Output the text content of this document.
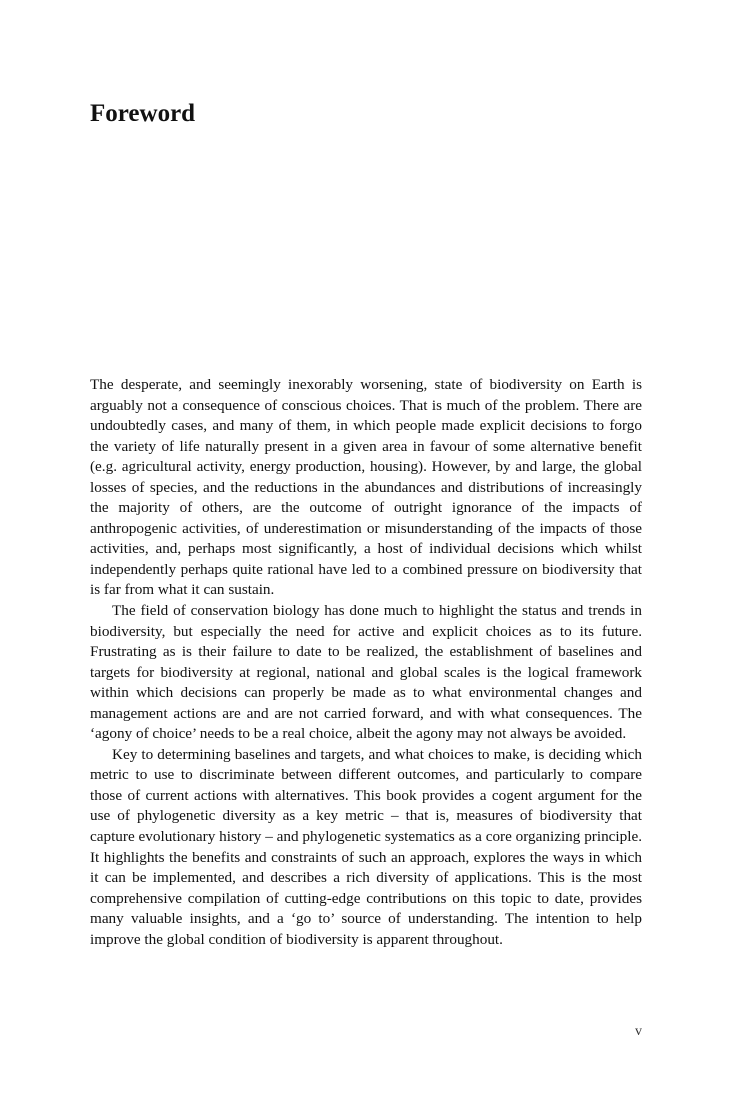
Foreword

The desperate, and seemingly inexorably worsening, state of biodiversity on Earth is arguably not a consequence of conscious choices. That is much of the problem. There are undoubtedly cases, and many of them, in which people made explicit decisions to forgo the variety of life naturally present in a given area in favour of some alternative benefit (e.g. agricultural activity, energy production, housing). However, by and large, the global losses of species, and the reductions in the abundances and distributions of increasingly the majority of others, are the outcome of outright ignorance of the impacts of anthropogenic activities, of underestimation or misunderstanding of the impacts of those activities, and, perhaps most significantly, a host of individual decisions which whilst independently perhaps quite rational have led to a combined pressure on biodiversity that is far from what it can sustain.

The field of conservation biology has done much to highlight the status and trends in biodiversity, but especially the need for active and explicit choices as to its future. Frustrating as is their failure to date to be realized, the establishment of baselines and targets for biodiversity at regional, national and global scales is the logical framework within which decisions can properly be made as to what environmental changes and management actions are and are not carried forward, and with what consequences. The ‘agony of choice’ needs to be a real choice, albeit the agony may not always be avoided.

Key to determining baselines and targets, and what choices to make, is deciding which metric to use to discriminate between different outcomes, and particularly to compare those of current actions with alternatives. This book provides a cogent argument for the use of phylogenetic diversity as a key metric – that is, measures of biodiversity that capture evolutionary history – and phylogenetic systematics as a core organizing principle. It highlights the benefits and constraints of such an approach, explores the ways in which it can be implemented, and describes a rich diversity of applications. This is the most comprehensive compilation of cutting-edge contributions on this topic to date, provides many valuable insights, and a ‘go to’ source of understanding. The intention to help improve the global condition of biodiversity is apparent throughout.

v
